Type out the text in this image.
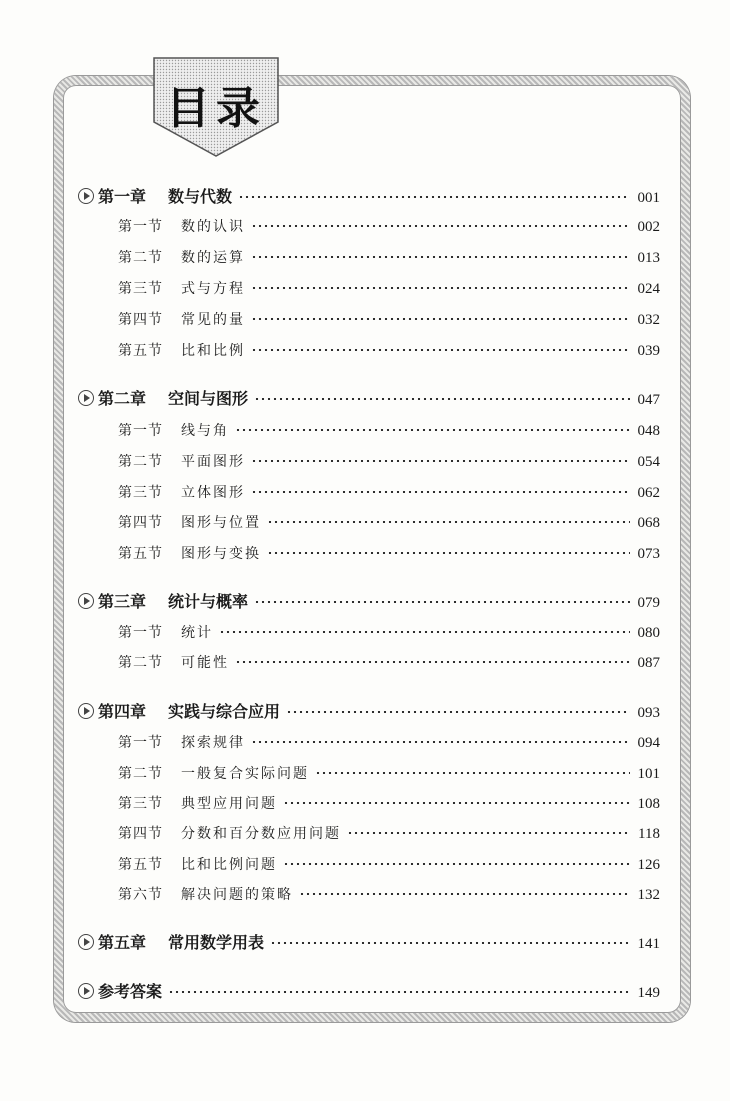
目录
第一章 数与代数	001
第一节 数的认识	002
第二节 数的运算	013
第三节 式与方程	024
第四节 常见的量	032
第五节 比和比例	039
第二章 空间与图形	047
第一节 线与角	048
第二节 平面图形	054
第三节 立体图形	062
第四节 图形与位置	068
第五节 图形与变换	073
第三章 统计与概率	079
第一节 统计	080
第二节 可能性	087
第四章 实践与综合应用	093
第一节 探索规律	094
第二节 一般复合实际问题	101
第三节 典型应用问题	108
第四节 分数和百分数应用问题	118
第五节 比和比例问题	126
第六节 解决问题的策略	132
第五章 常用数学用表	141
参考答案	149
